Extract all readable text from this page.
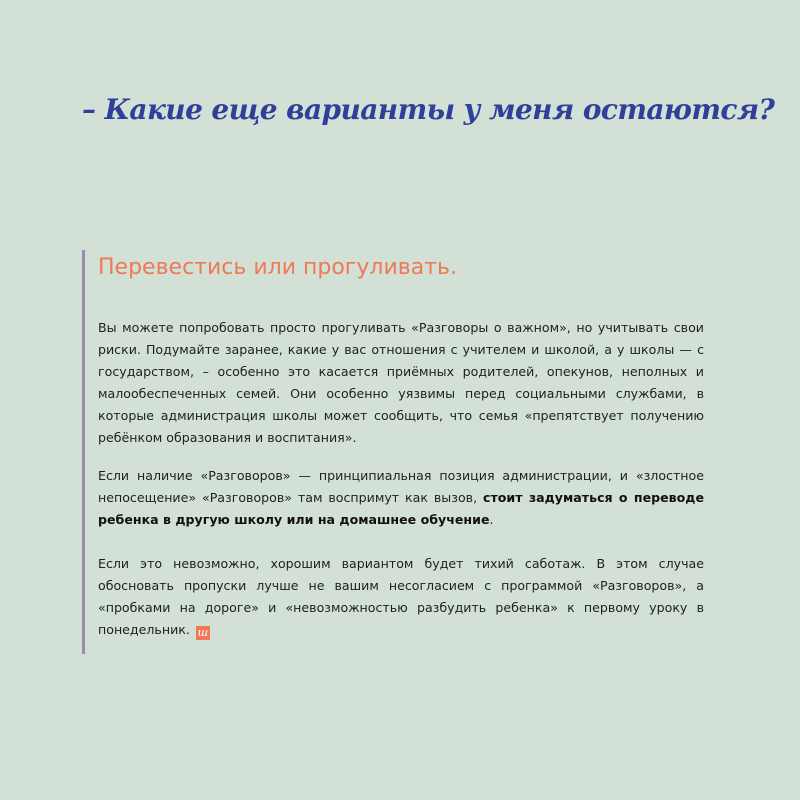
– Какие еще варианты у меня остаются?
Перевестись или прогуливать.

Вы можете попробовать просто прогуливать «Разговоры о важном», но учитывать свои риски. Подумайте заранее, какие у вас отношения с учителем и школой, а у школы — с государством, – особенно это касается приёмных родителей, опекунов, неполных и малообеспеченных семей. Они особенно уязвимы перед социальными службами, в которые администрация школы может сообщить, что семья «препятствует получению ребёнком образования и воспитания».

Если наличие «Разговоров» — принципиальная позиция администрации, и «злостное непосещение» «Разговоров» там воспримут как вызов, стоит задуматься о переводе ребенка в другую школу или на домашнее обучение.

Если это невозможно, хорошим вариантом будет тихий саботаж. В этом случае обосновать пропуски лучше не вашим несогласием с программой «Разговоров», а «пробками на дороге» и «невозможностью разбудить ребенка» к первому уроку в понедельник. ш
